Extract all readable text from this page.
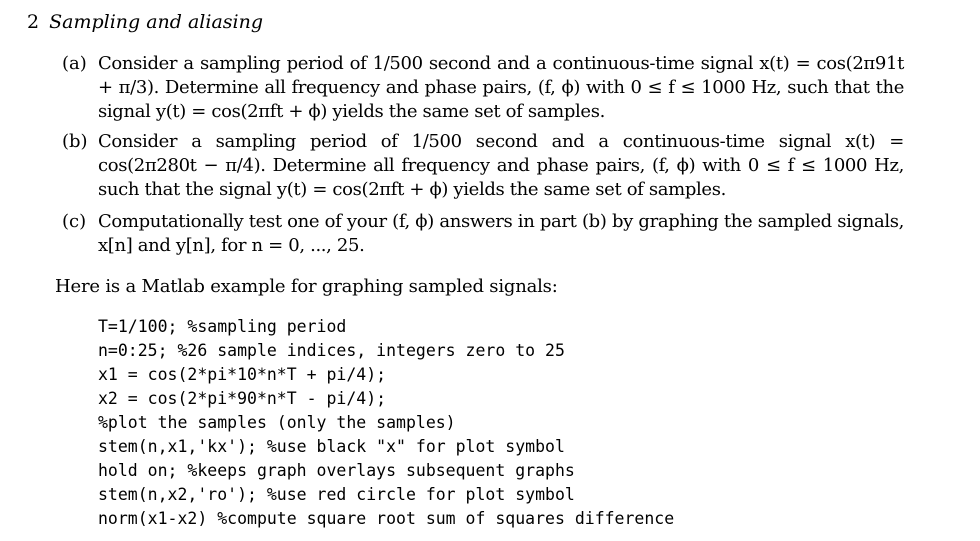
2 Sampling and aliasing
(a) Consider a sampling period of 1/500 second and a continuous-time signal x(t) = cos(2π91t + π/3). Determine all frequency and phase pairs, (f, ϕ) with 0 ≤ f ≤ 1000 Hz, such that the signal y(t) = cos(2πft + ϕ) yields the same set of samples.
(b) Consider a sampling period of 1/500 second and a continuous-time signal x(t) = cos(2π280t − π/4). Determine all frequency and phase pairs, (f, ϕ) with 0 ≤ f ≤ 1000 Hz, such that the signal y(t) = cos(2πft + ϕ) yields the same set of samples.
(c) Computationally test one of your (f, ϕ) answers in part (b) by graphing the sampled signals, x[n] and y[n], for n = 0, ..., 25.
Here is a Matlab example for graphing sampled signals:
T=1/100; %sampling period
n=0:25; %26 sample indices, integers zero to 25
x1 = cos(2*pi*10*n*T + pi/4);
x2 = cos(2*pi*90*n*T - pi/4);
%plot the samples (only the samples)
stem(n,x1,'kx'); %use black "x" for plot symbol
hold on; %keeps graph overlays subsequent graphs
stem(n,x2,'ro'); %use red circle for plot symbol
norm(x1-x2) %compute square root sum of squares difference
